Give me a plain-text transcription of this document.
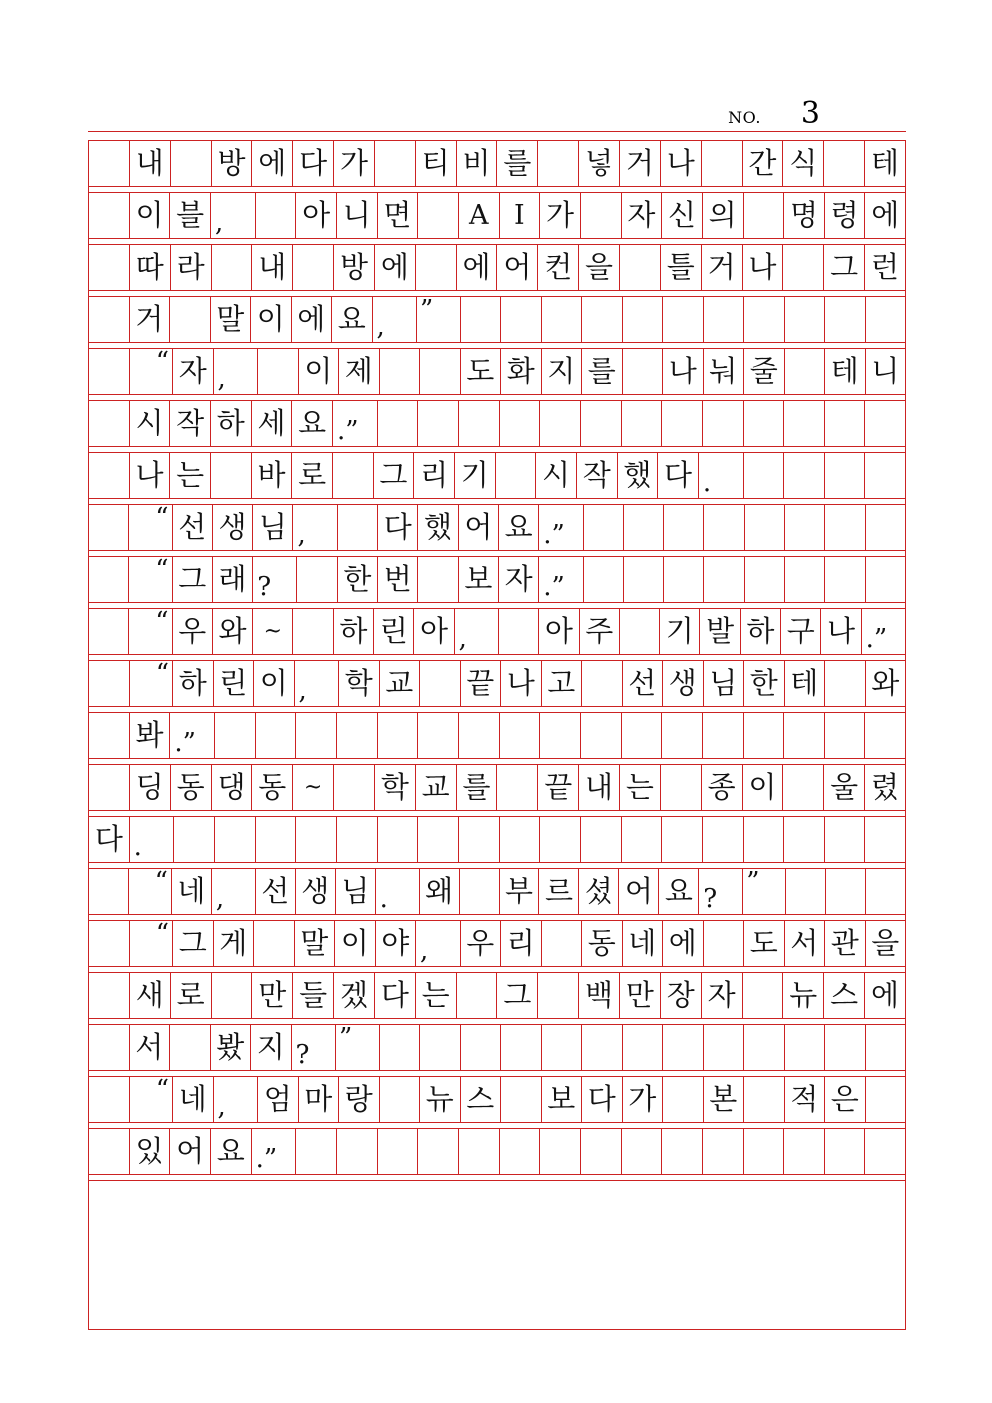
NO. 3
내 방 에 다 가 티 비 를 넣 거 나 간 식 테
이 블 ,	아 니 면	A I 가 자 신 의 명 령 에
따 라 내 방 에 에 어 컨 을 틀 거 나 그 런
거 말 이 에 요 ,
”
“ 자 ,	이 제	도 화 지 를 나 눠 줄 테 니
시 작 하 세 요 .”
나 는 바 로 그 리 기 시 작 했 다 .
“ 선 생 님 ,	다 했 어 요 .”
“ 그 래 ?	한 번 보 자 .”
“ 우 와 ~	하 린 아 ,	아 주 기 발 하 구 나 .”
“ 하 린 이 ,	학 교 끝 나 고 선 생 님 한 테 와
봐 .”
딩 동 댕 동 ~	학 교 를 끝 내 는 종 이 울 렸
다 .
“ 네 ,	선 생 님 .	왜 부 르 셨 어 요 ?
”
“ 그 게 말 이 야 ,	우 리 동 네 에 도 서 관 을
새 로 만 들 겠 다 는 그 백 만 장 자 뉴 스 에
서 봤 지 ?
”
“ 네 ,	엄 마 랑 뉴 스 보 다 가 본 적 은
있 어 요 .”
